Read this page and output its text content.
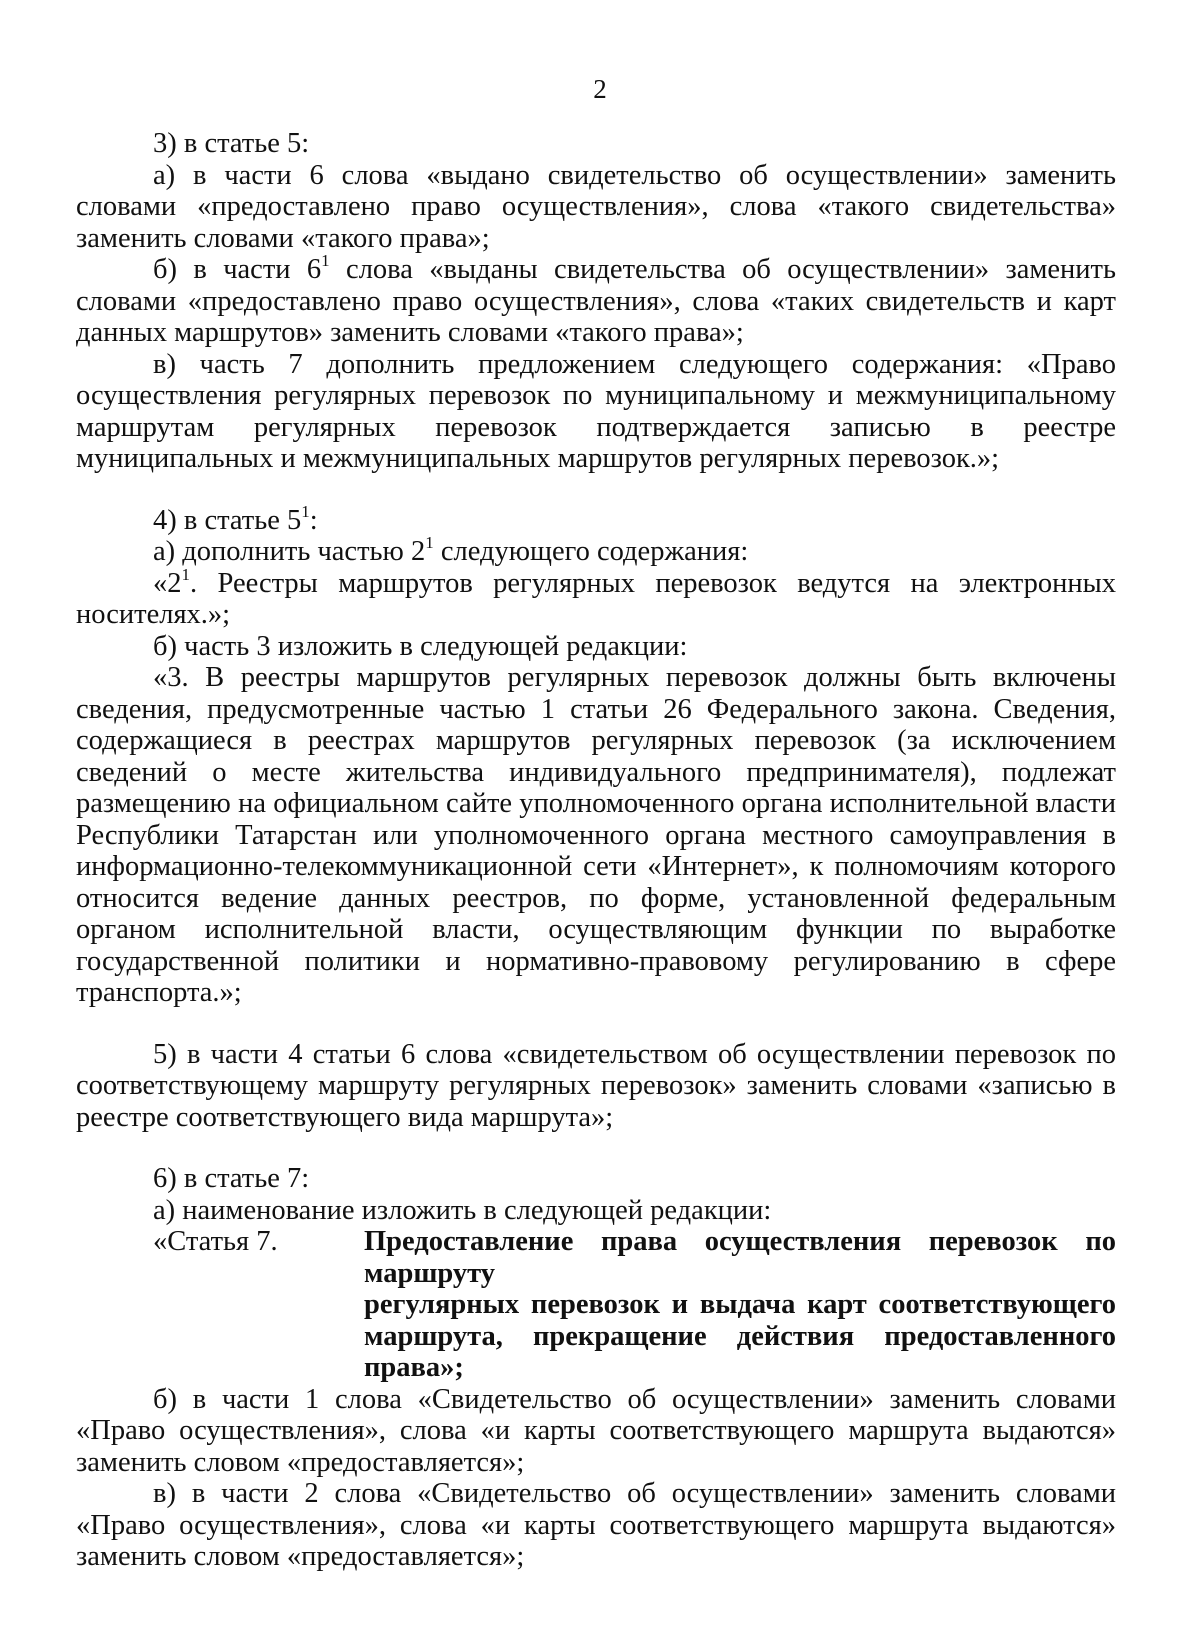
2

3) в статье 5:

а) в части 6 слова «выдано свидетельство об осуществлении» заменить словами «предоставлено право осуществления», слова «такого свидетельства» заменить словами «такого права»;

б) в части $6^1$ слова «выданы свидетельства об осуществлении» заменить словами «предоставлено право осуществления», слова «таких свидетельств и карт данных маршрутов» заменить словами «такого права»;

в) часть 7 дополнить предложением следующего содержания: «Право осуществления регулярных перевозок по муниципальному и межмуниципальному маршрутам регулярных перевозок подтверждается записью в реестре муниципальных и межмуниципальных маршрутов регулярных перевозок.»;

4) в статье $5^1$:

а) дополнить частью $2^1$ следующего содержания:

«$2^1$. Реестры маршрутов регулярных перевозок ведутся на электронных носителях.»;

б) часть 3 изложить в следующей редакции:

«3. В реестры маршрутов регулярных перевозок должны быть включены сведения, предусмотренные частью 1 статьи 26 Федерального закона. Сведения, содержащиеся в реестрах маршрутов регулярных перевозок (за исключением сведений о месте жительства индивидуального предпринимателя), подлежат размещению на официальном сайте уполномоченного органа исполнительной власти Республики Татарстан или уполномоченного органа местного самоуправления в информационно-телекоммуникационной сети «Интернет», к полномочиям которого относится ведение данных реестров, по форме, установленной федеральным органом исполнительной власти, осуществляющим функции по выработке государственной политики и нормативно-правовому регулированию в сфере транспорта.»;

5) в части 4 статьи 6 слова «свидетельством об осуществлении перевозок по соответствующему маршруту регулярных перевозок» заменить словами «записью в реестре соответствующего вида маршрута»;

6) в статье 7:

а) наименование изложить в следующей редакции:

«Статья 7.	Предоставление права осуществления перевозок по маршруту
регулярных перевозок и выдача карт соответствующего
маршрута, прекращение действия предоставленного права»;

б) в части 1 слова «Свидетельство об осуществлении» заменить словами «Право осуществления», слова «и карты соответствующего маршрута выдаются» заменить словом «предоставляется»;

в) в части 2 слова «Свидетельство об осуществлении» заменить словами «Право осуществления», слова «и карты соответствующего маршрута выдаются» заменить словом «предоставляется»;
